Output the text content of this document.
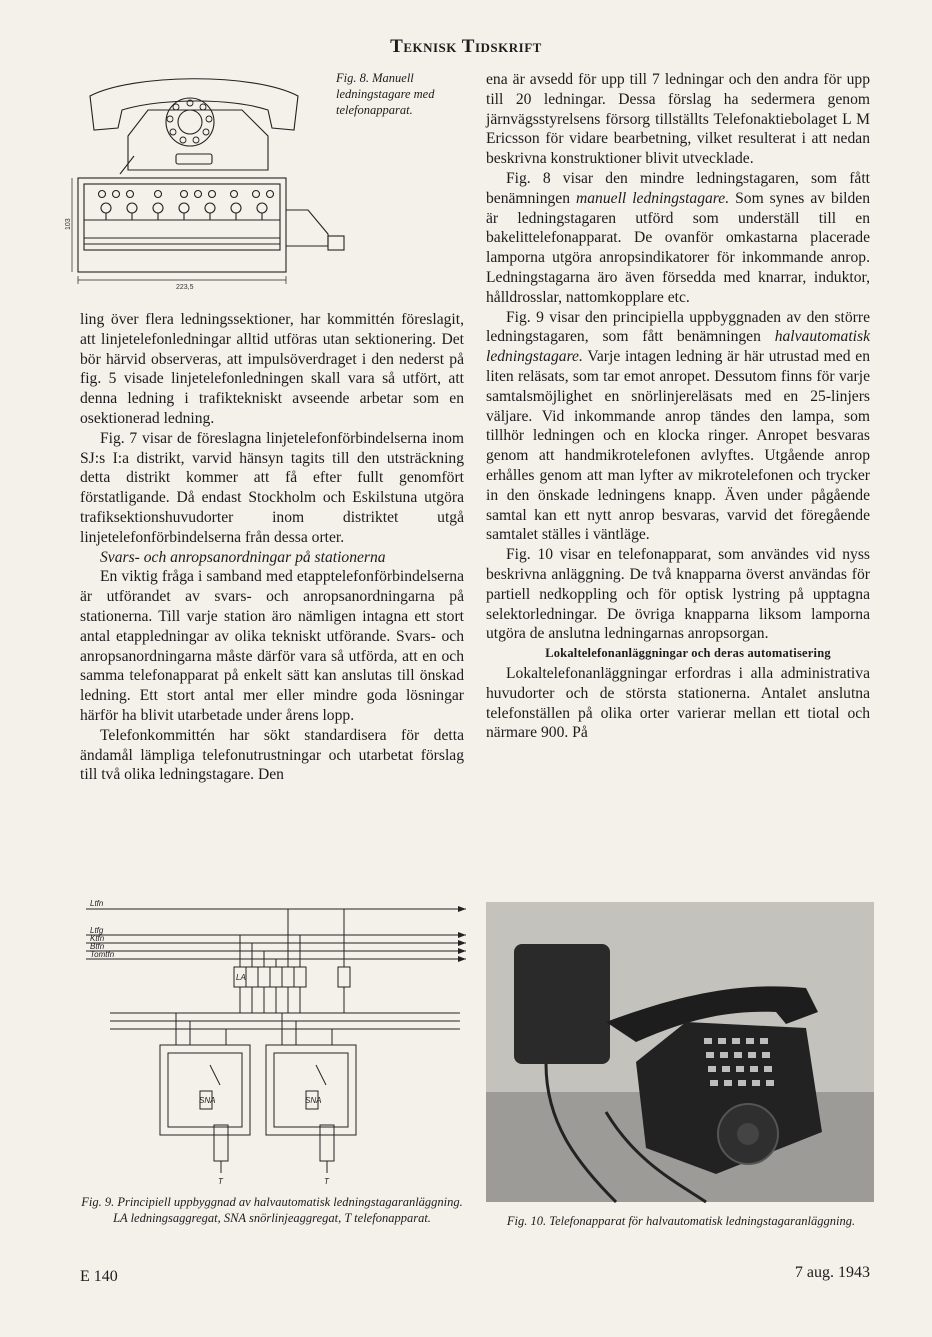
Teknisk Tidskrift
223,5
103
Fig. 8. Manuell ledningstagare med telefonapparat.

ling över flera ledningssektioner, har kommittén föreslagit, att linjetelefonledningar alltid utföras utan sektionering. Det bör härvid observeras, att impulsöverdraget i den nederst på fig. 5 visade linjetelefonledningen skall vara så utfört, att denna ledning i trafiktekniskt avseende arbetar som en osektionerad ledning.

Fig. 7 visar de föreslagna linjetelefonförbindelserna inom SJ:s I:a distrikt, varvid hänsyn tagits till den utsträckning detta distrikt kommer att få efter fullt genomfört förstatligande. Då endast Stockholm och Eskilstuna utgöra trafiksektionshuvudorter inom distriktet utgå linjetelefonförbindelserna från dessa orter.

Svars- och anropsanordningar på stationerna

En viktig fråga i samband med etapptelefonförbindelserna är utförandet av svars- och anropsanordningarna på stationerna. Till varje station äro nämligen intagna ett stort antal etappledningar av olika tekniskt utförande. Svars- och anropsanordningarna måste därför vara så utförda, att en och samma telefonapparat på enkelt sätt kan anslutas till önskad ledning. Ett stort antal mer eller mindre goda lösningar härför ha blivit utarbetade under årens lopp.

Telefonkommittén har sökt standardisera för detta ändamål lämpliga telefonutrustningar och utarbetat förslag till två olika ledningstagare. Den

ena är avsedd för upp till 7 ledningar och den andra för upp till 20 ledningar. Dessa förslag ha sedermera genom järnvägsstyrelsens försorg tillställts Telefonaktiebolaget L M Ericsson för vidare bearbetning, vilket resulterat i att nedan beskrivna konstruktioner blivit utvecklade.

Fig. 8 visar den mindre ledningstagaren, som fått benämningen manuell ledningstagare. Som synes av bilden är ledningstagaren utförd som underställ till en bakelittelefonapparat. De ovanför omkastarna placerade lamporna utgöra anropsindikatorer för inkommande anrop. Ledningstagarna äro även försedda med knarrar, induktor, hålldrosslar, nattomkopplare etc.

Fig. 9 visar den principiella uppbyggnaden av den större ledningstagaren, som fått benämningen halvautomatisk ledningstagare. Varje intagen ledning är här utrustad med en liten reläsats, som tar emot anropet. Dessutom finns för varje samtalsmöjlighet en snörlinjereläsats med en 25-linjers väljare. Vid inkommande anrop tändes den lampa, som tillhör ledningen och en klocka ringer. Anropet besvaras genom att handmikrotelefonen avlyftes. Utgående anrop erhålles genom att man lyfter av mikrotelefonen och trycker in den önskade ledningens knapp. Även under pågående samtal kan ett nytt anrop besvaras, varvid det föregående samtalet ställes i väntläge.

Fig. 10 visar en telefonapparat, som användes vid nyss beskrivna anläggning. De två knapparna överst användas för partiell nedkoppling och för optisk lystring på upptagna selektorledningar. De övriga knapparna liksom lamporna utgöra de anslutna ledningarnas anropsorgan.

Lokaltelefonanläggningar och deras automatisering

Lokaltelefonanläggningar erfordras i alla administrativa huvudorter och de största stationerna. Antalet anslutna telefonställen på olika orter varierar mellan ett tiotal och närmare 900. På

Ltfn
Ltfg
Ktfn
Btfn
Tomtfn
LA
SNA	SNA
T	T
Fig. 9. Principiell uppbyggnad av halvautomatisk ledningstagaranläggning. LA ledningsaggregat, SNA snörlinjeaggregat, T telefonapparat.	Fig. 10. Telefonapparat för halvautomatisk ledningstagaranläggning.
E 140	7 aug. 1943
